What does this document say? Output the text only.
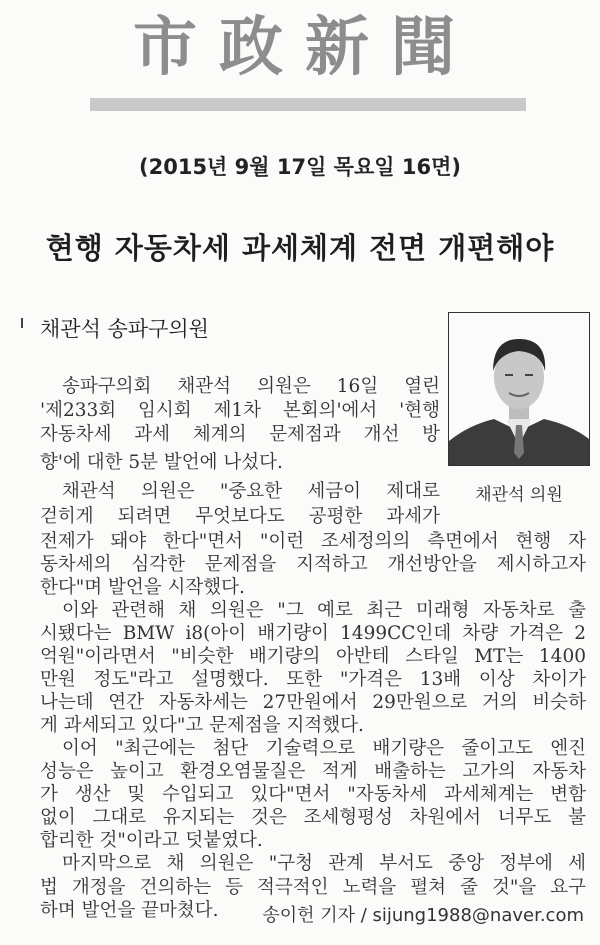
市政新聞
(2015년 9월 17일 목요일 16면)
현행 자동차세 과세체계 전면 개편해야
채관석 송파구의원
채관석 의원
송파구의회 채관석 의원은 16일 열린
'제233회 임시회 제1차 본회의'에서 '현행
자동차세 과세 체계의 문제점과 개선 방
향'에 대한 5분 발언에 나섰다.
채관석 의원은 "중요한 세금이 제대로
걷히게 되려면 무엇보다도 공평한 과세가
전제가 돼야 한다"면서 "이런 조세정의의 측면에서 현행 자
동차세의 심각한 문제점을 지적하고 개선방안을 제시하고자
한다"며 발언을 시작했다.
이와 관련해 채 의원은 "그 예로 최근 미래형 자동차로 출
시됐다는 BMW i8(아이 배기량이 1499CC인데 차량 가격은 2
억원"이라면서 "비슷한 배기량의 아반테 스타일 MT는 1400
만원 정도"라고 설명했다. 또한 "가격은 13배 이상 차이가
나는데 연간 자동차세는 27만원에서 29만원으로 거의 비슷하
게 과세되고 있다"고 문제점을 지적했다.
이어 "최근에는 첨단 기술력으로 배기량은 줄이고도 엔진
성능은 높이고 환경오염물질은 적게 배출하는 고가의 자동차
가 생산 및 수입되고 있다"면서 "자동차세 과세체계는 변함
없이 그대로 유지되는 것은 조세형평성 차원에서 너무도 불
합리한 것"이라고 덧붙였다.
마지막으로 채 의원은 "구청 관계 부서도 중앙 정부에 세
법 개정을 건의하는 등 적극적인 노력을 펼쳐 줄 것"을 요구
하며 발언을 끝마쳤다.	송이헌 기자 / sijung1988@naver.com
